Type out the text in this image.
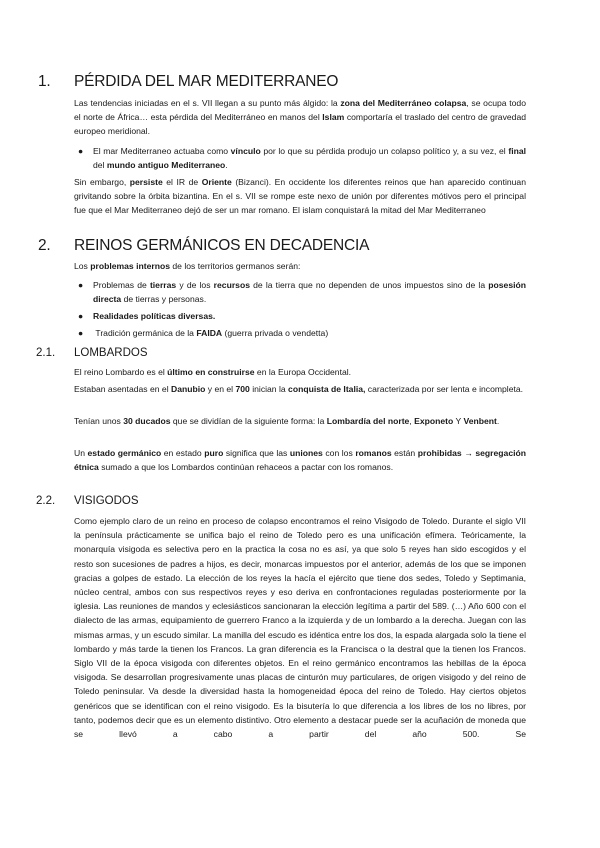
1. PÉRDIDA DEL MAR MEDITERRANEO
Las tendencias iniciadas en el s. VII llegan a su punto más álgido: la zona del Mediterráneo colapsa, se ocupa todo el norte de África… esta pérdida del Mediterráneo en manos del Islam comportaría el traslado del centro de gravedad europeo meridional.
● El mar Mediterraneo actuaba como vínculo por lo que su pérdida produjo un colapso político y, a su vez, el final del mundo antiguo Mediterraneo.
Sin embargo, persiste el IR de Oriente (Bizanci). En occidente los diferentes reinos que han aparecido continuan grivitando sobre la órbita bizantina. En el s. VII se rompe este nexo de unión por diferentes mótivos pero el principal fue que el Mar Mediterraneo dejó de ser un mar romano. El islam conquistará la mitad del Mar Mediterraneo
2. REINOS GERMÁNICOS EN DECADENCIA
Los problemas internos de los territorios germanos serán:
● Problemas de tierras y de los recursos de la tierra que no dependen de unos impuestos sino de la posesión directa de tierras y personas.
● Realidades políticas diversas.
● Tradición germánica de la FAIDA (guerra privada o vendetta)
2.1. LOMBARDOS
El reino Lombardo es el último en construirse en la Europa Occidental.
Estaban asentadas en el Danubio y en el 700 inician la conquista de Italia, caracterizada por ser lenta e incompleta.
Tenían unos 30 ducados que se dividían de la siguiente forma: la Lombardía del norte, Exponeto Y Venbent.
Un estado germánico en estado puro significa que las uniones con los romanos están prohibidas → segregación étnica sumado a que los Lombardos continúan rehaceos a pactar con los romanos.
2.2. VISIGODOS
Como ejemplo claro de un reino en proceso de colapso encontramos el reino Visigodo de Toledo. Durante el siglo VII la península prácticamente se unifica bajo el reino de Toledo pero es una unificación efímera. Teóricamente, la monarquía visigoda es selectiva pero en la practica la cosa no es así, ya que solo 5 reyes han sido escogidos y el resto son sucesiones de padres a hijos, es decir, monarcas impuestos por el anterior, además de los que se imponen gracias a golpes de estado. La elección de los reyes la hacía el ejército que tiene dos sedes, Toledo y Septimania, núcleo central, ambos con sus respectivos reyes y eso deriva en confrontaciones reguladas posteriormente por la iglesia. Las reuniones de mandos y eclesiásticos sancionaran la elección legítima a partir del 589. (…) Año 600 con el dialecto de las armas, equipamiento de guerrero Franco a la izquierda y de un lombardo a la derecha. Juegan con las mismas armas, y un escudo similar. La manilla del escudo es idéntica entre los dos, la espada alargada solo la tiene el lombardo y más tarde la tienen los Francos. La gran diferencia es la Francisca o la destral que la tienen los Francos. Siglo VII de la época visigoda con diferentes objetos. En el reino germánico encontramos las hebillas de la época visigoda. Se desarrollan progresivamente unas placas de cinturón muy particulares, de origen visigodo y del reino de Toledo peninsular. Va desde la diversidad hasta la homogeneidad época del reino de Toledo. Hay ciertos objetos genéricos que se identifican con el reino visigodo. Es la bisutería lo que diferencia a los libres de los no libres, por tanto, podemos decir que es un elemento distintivo. Otro elemento a destacar puede ser la acuñación de moneda que se llevó a cabo a partir del año 500. Se
